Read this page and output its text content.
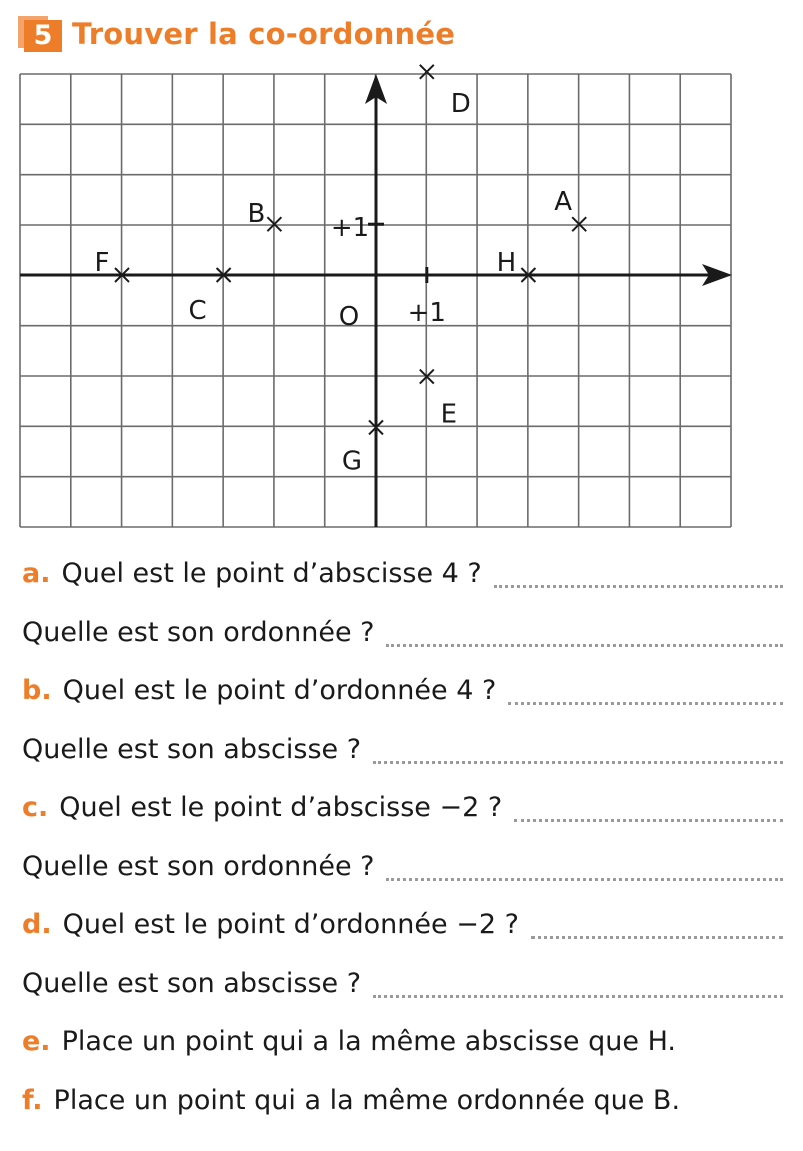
5 Trouver la co-ordonnée
O +1
+1
A
B
C
D
E
F
G
H
a. Quel est le point d’abscisse 4 ?
Quelle est son ordonnée ?
b. Quel est le point d’ordonnée 4 ?
Quelle est son abscisse ?
c. Quel est le point d’abscisse −2 ?
Quelle est son ordonnée ?
d. Quel est le point d’ordonnée −2 ?
Quelle est son abscisse ?
e. Place un point qui a la même abscisse que H.
f. Place un point qui a la même ordonnée que B.
